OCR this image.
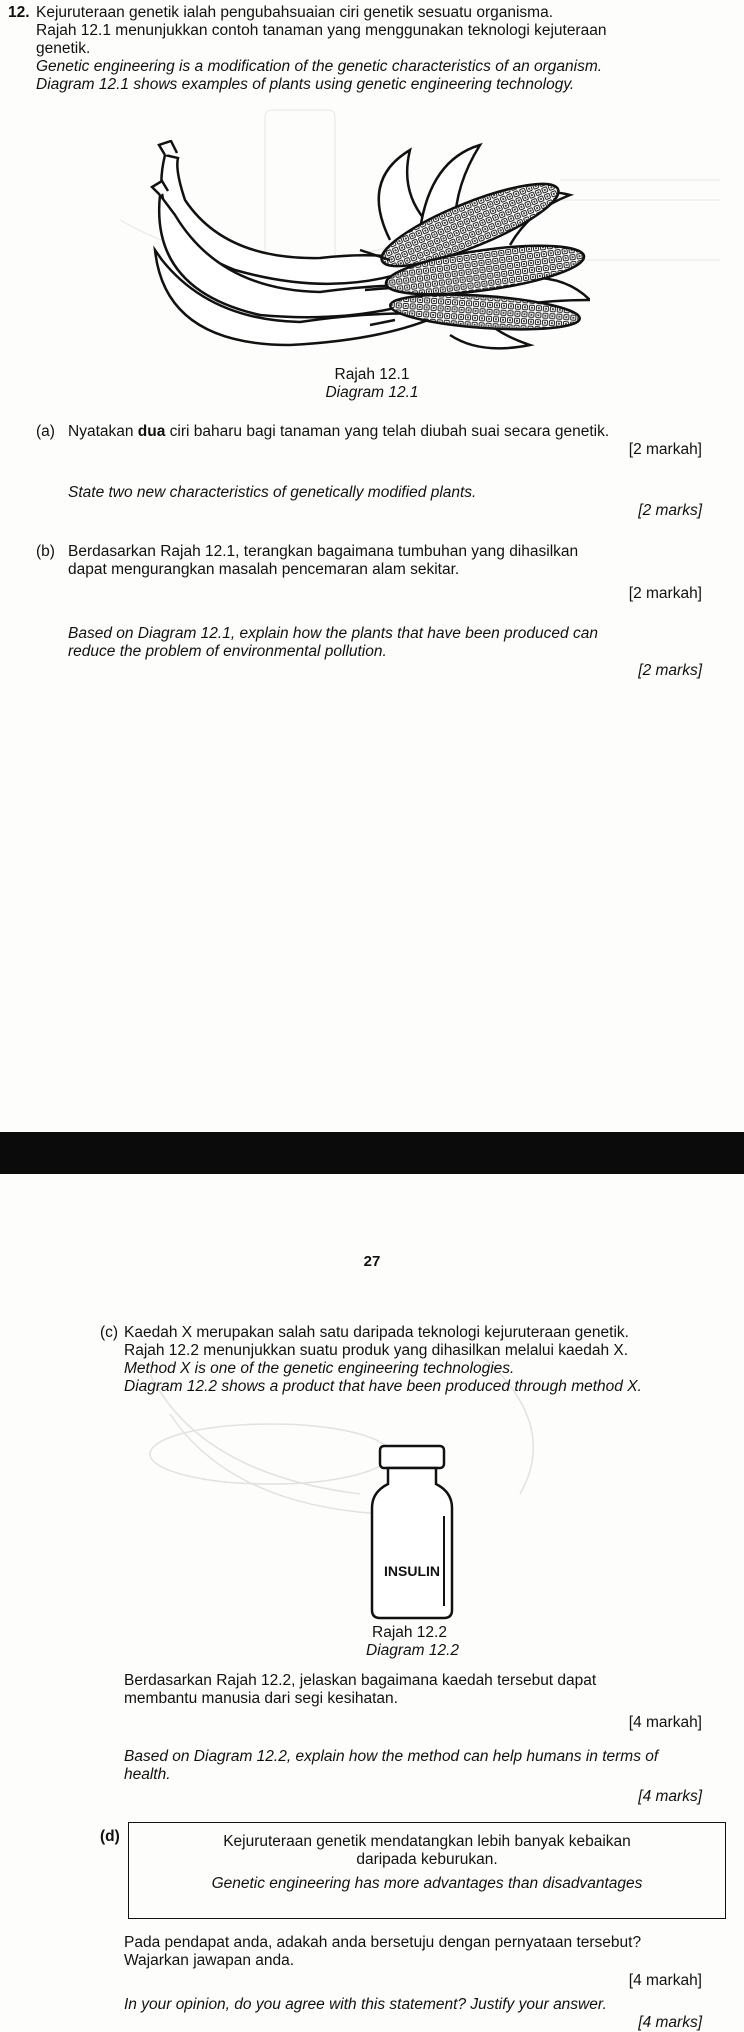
12. Kejuruteraan genetik ialah pengubahsuaian ciri genetik sesuatu organisma.
Rajah 12.1 menunjukkan contoh tanaman yang menggunakan teknologi kejuteraan
genetik.
Genetic engineering is a modification of the genetic characteristics of an organism.
Diagram 12.1 shows examples of plants using genetic engineering technology.
Rajah 12.1
Diagram 12.1
(a) Nyatakan dua ciri baharu bagi tanaman yang telah diubah suai secara genetik.
[2 markah]
State two new characteristics of genetically modified plants.
[2 marks]
(b) Berdasarkan Rajah 12.1, terangkan bagaimana tumbuhan yang dihasilkan
dapat mengurangkan masalah pencemaran alam sekitar.
[2 markah]
Based on Diagram 12.1, explain how the plants that have been produced can
reduce the problem of environmental pollution.
[2 marks]
27
(c) Kaedah X merupakan salah satu daripada teknologi kejuruteraan genetik.
Rajah 12.2 menunjukkan suatu produk yang dihasilkan melalui kaedah X.
Method X is one of the genetic engineering technologies.
Diagram 12.2 shows a product that have been produced through method X.
INSULIN
Rajah 12.2
Diagram 12.2
Berdasarkan Rajah 12.2, jelaskan bagaimana kaedah tersebut dapat
membantu manusia dari segi kesihatan.
[4 markah]
Based on Diagram 12.2, explain how the method can help humans in terms of
health.
[4 marks]
(d)	Kejuruteraan genetik mendatangkan lebih banyak kebaikan
daripada keburukan.
Genetic engineering has more advantages than disadvantages
Pada pendapat anda, adakah anda bersetuju dengan pernyataan tersebut?
Wajarkan jawapan anda.
[4 markah]
In your opinion, do you agree with this statement? Justify your answer.
[4 marks]
